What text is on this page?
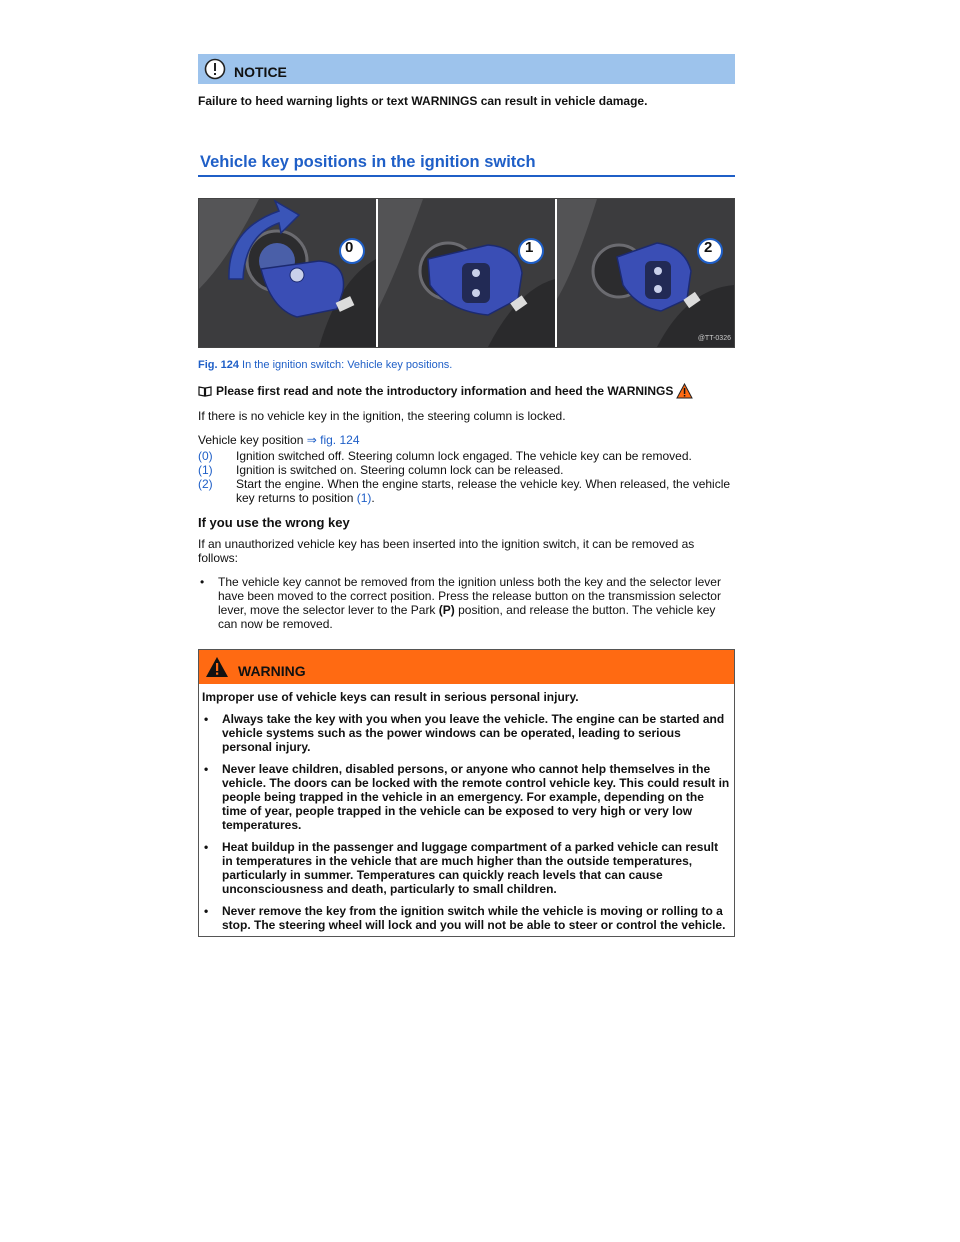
NOTICE

Failure to heed warning lights or text WARNINGS can result in vehicle damage.

Vehicle key positions in the ignition switch
0	1	2
@TT-0326

Fig. 124 In the ignition switch: Vehicle key positions.

Please first read and note the introductory information and heed the WARNINGS

If there is no vehicle key in the ignition, the steering column is locked.

Vehicle key position ⇒ fig. 124

(0)	Ignition switched off. Steering column lock engaged. The vehicle key can be removed.
(1)	Ignition is switched on. Steering column lock can be released.
(2)	Start the engine. When the engine starts, release the vehicle key. When released, the vehicle key returns to position (1).
If you use the wrong key

If an unauthorized vehicle key has been inserted into the ignition switch, it can be removed as follows:

•	The vehicle key cannot be removed from the ignition unless both the key and the selector lever have been moved to the correct position. Press the release button on the transmission selector lever, move the selector lever to the Park (P) position, and release the button. The vehicle key can now be removed.
WARNING

Improper use of vehicle keys can result in serious personal injury.

•	Always take the key with you when you leave the vehicle. The engine can be started and vehicle systems such as the power windows can be operated, leading to serious personal injury.
•	Never leave children, disabled persons, or anyone who cannot help themselves in the vehicle. The doors can be locked with the remote control vehicle key. This could result in people being trapped in the vehicle in an emergency. For example, depending on the time of year, people trapped in the vehicle can be exposed to very high or very low temperatures.
•	Heat buildup in the passenger and luggage compartment of a parked vehicle can result in temperatures in the vehicle that are much higher than the outside temperatures, particularly in summer. Temperatures can quickly reach levels that can cause unconsciousness and death, particularly to small children.
•	Never remove the key from the ignition switch while the vehicle is moving or rolling to a stop. The steering wheel will lock and you will not be able to steer or control the vehicle.
